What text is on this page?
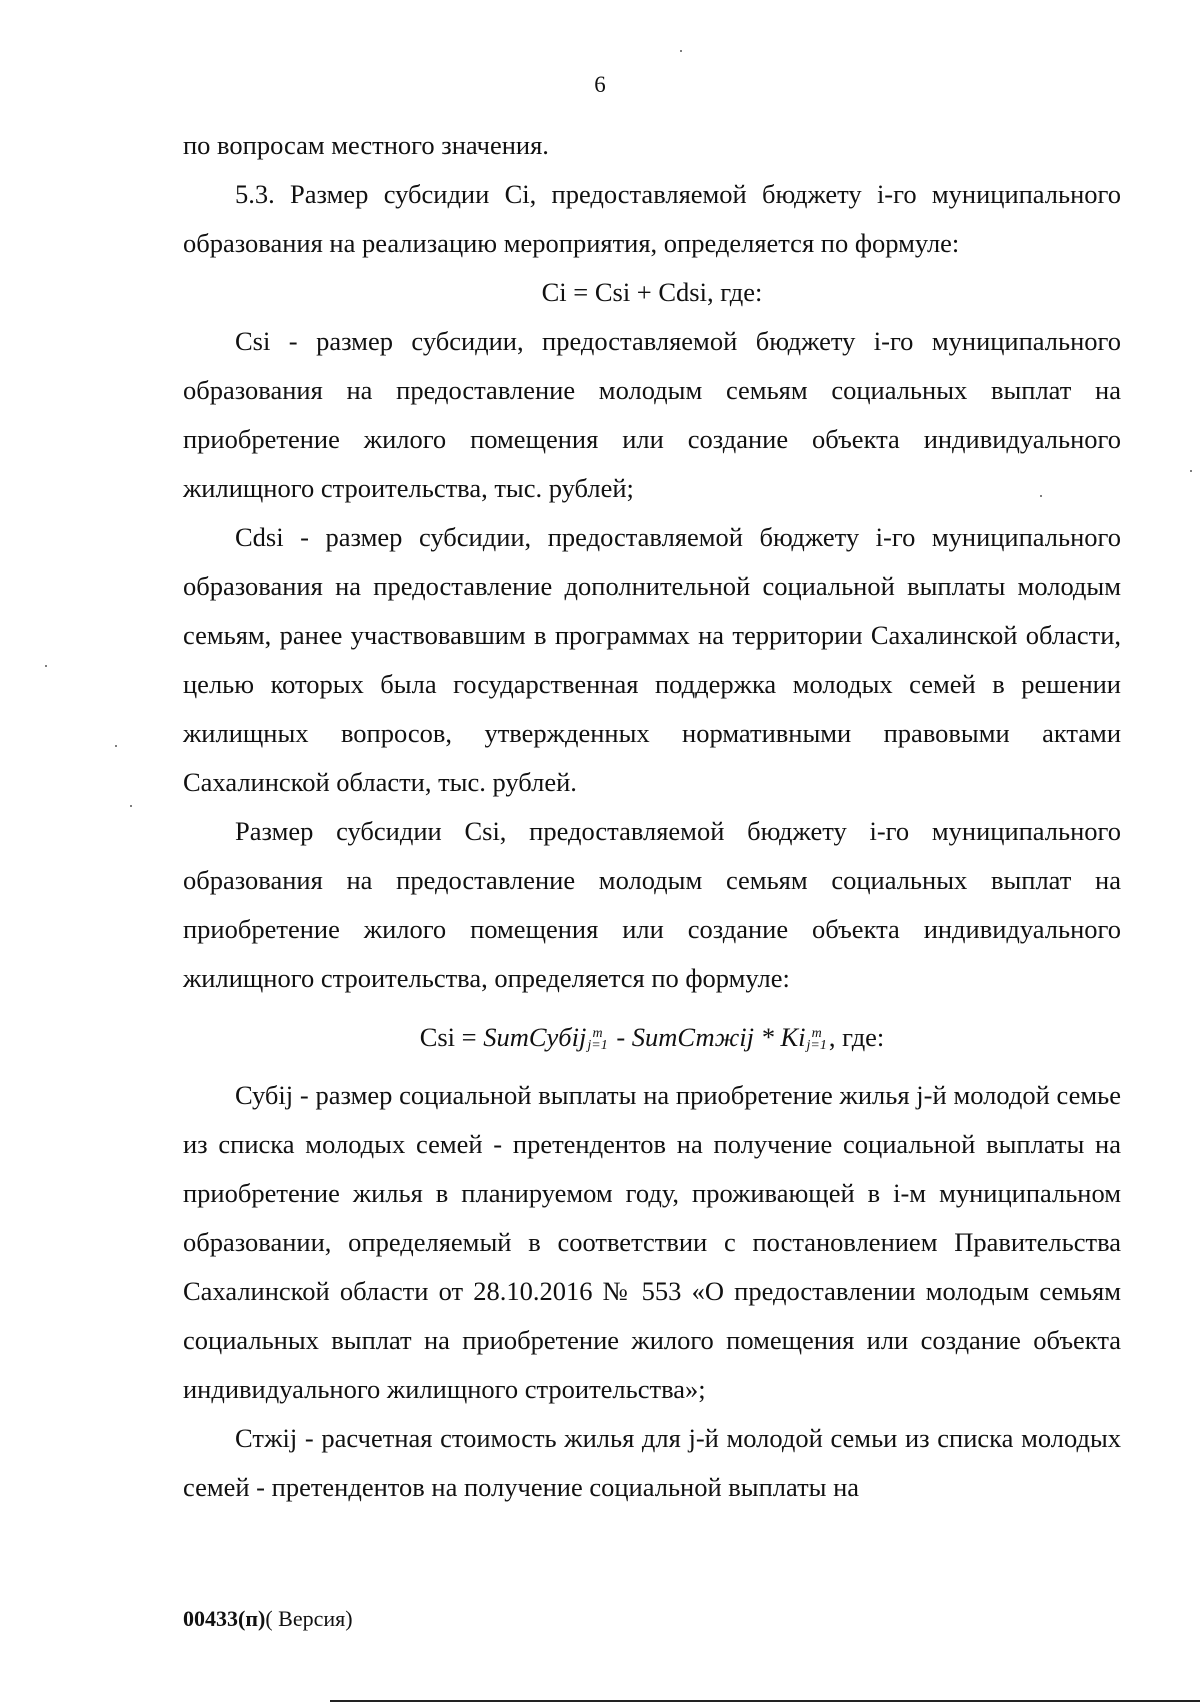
6

по вопросам местного значения.

5.3. Размер субсидии Ci, предоставляемой бюджету i-го муниципального образования на реализацию мероприятия, определяется по формуле:

Ci = Csi + Cdsi, где:

Csi - размер субсидии, предоставляемой бюджету i-го муниципального образования на предоставление молодым семьям социальных выплат на приобретение жилого помещения или создание объекта индивидуального жилищного строительства, тыс. рублей;

Cdsi - размер субсидии, предоставляемой бюджету i-го муниципального образования на предоставление дополнительной социальной выплаты молодым семьям, ранее участвовавшим в программах на территории Сахалинской области, целью которых была государственная поддержка молодых семей в решении жилищных вопросов, утвержденных нормативными правовыми актами Сахалинской области, тыс. рублей.

Размер субсидии Csi, предоставляемой бюджету i-го муниципального образования на предоставление молодым семьям социальных выплат на приобретение жилого помещения или создание объекта индивидуального жилищного строительства, определяется по формуле:

Csi = SumСубij m
j=1 - SumСтжij * Ki m
j=1 , где:

Субij - размер социальной выплаты на приобретение жилья j-й молодой семье из списка молодых семей - претендентов на получение социальной выплаты на приобретение жилья в планируемом году, проживающей в i-м муниципальном образовании, определяемый в соответствии с постановлением Правительства Сахалинской области от 28.10.2016 № 553 «О предоставлении молодым семьям социальных выплат на приобретение жилого помещения или создание объекта индивидуального жилищного строительства»;

Стжij - расчетная стоимость жилья для j-й молодой семьи из списка молодых семей - претендентов на получение социальной выплаты на

00433(п)( Версия)
